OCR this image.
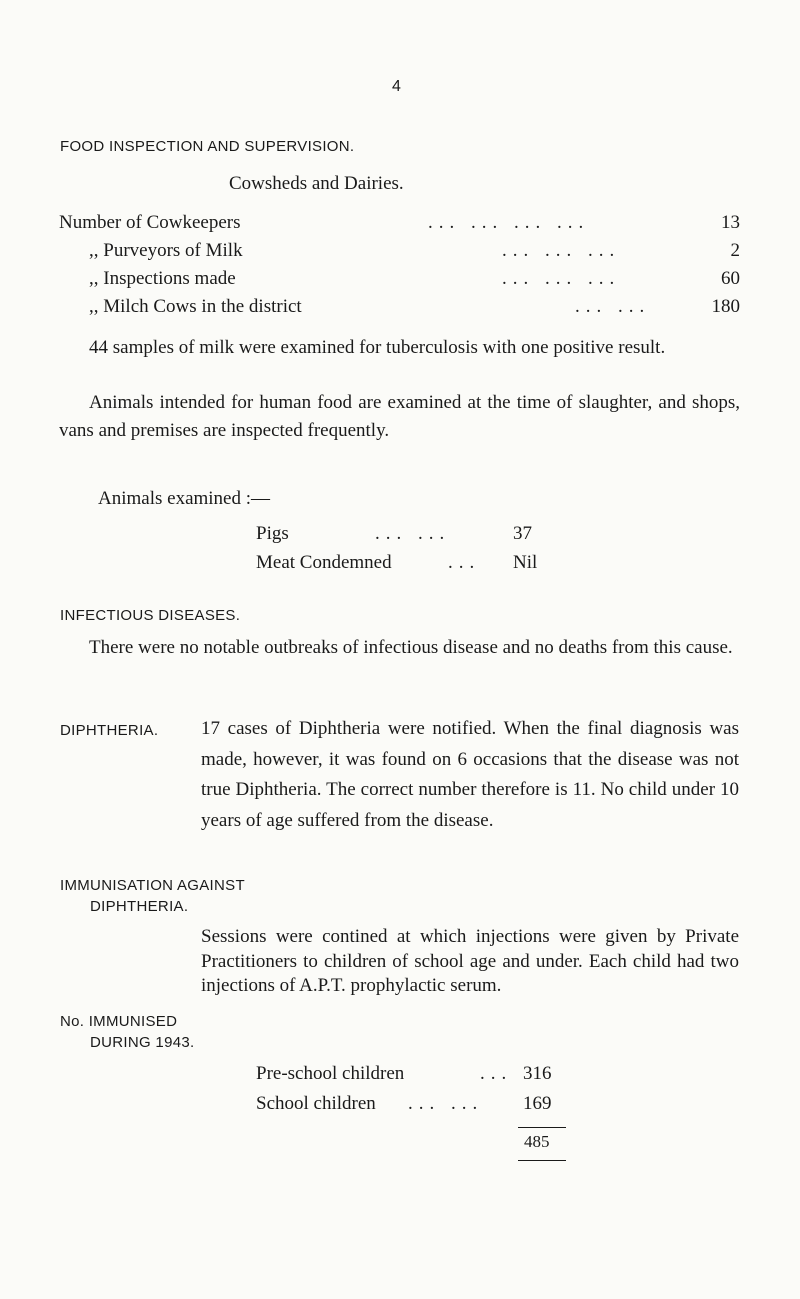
4
FOOD INSPECTION AND SUPERVISION.
Cowsheds and Dairies.
Number of Cowkeepers	... ... ... ...	13
,, Purveyors of Milk	... ... ...	2
,, Inspections made	... ... ...	60
,, Milch Cows in the district	... ...	180
44 samples of milk were examined for tuberculosis with one positive result.
Animals intended for human food are examined at the time of slaughter, and shops, vans and premises are inspected frequently.
Animals examined :—
Pigs	... ...	37
Meat Condemned	... Nil
INFECTIOUS DISEASES.
There were no notable outbreaks of infectious disease and no deaths from this cause.
DIPHTHERIA. 17 cases of Diphtheria were notified. When the final diagnosis was made, however, it was found on 6 occasions that the disease was not true Diphtheria. The correct number therefore is 11. No child under 10 years of age suffered from the disease.
IMMUNISATION AGAINST
DIPHTHERIA.
Sessions were contined at which injections were given by Private Practitioners to children of school age and under. Each child had two injections of A.P.T. prophylactic serum.
No. IMMUNISED
DURING 1943.
Pre-school children	... 316
School children ... ... 169
485
